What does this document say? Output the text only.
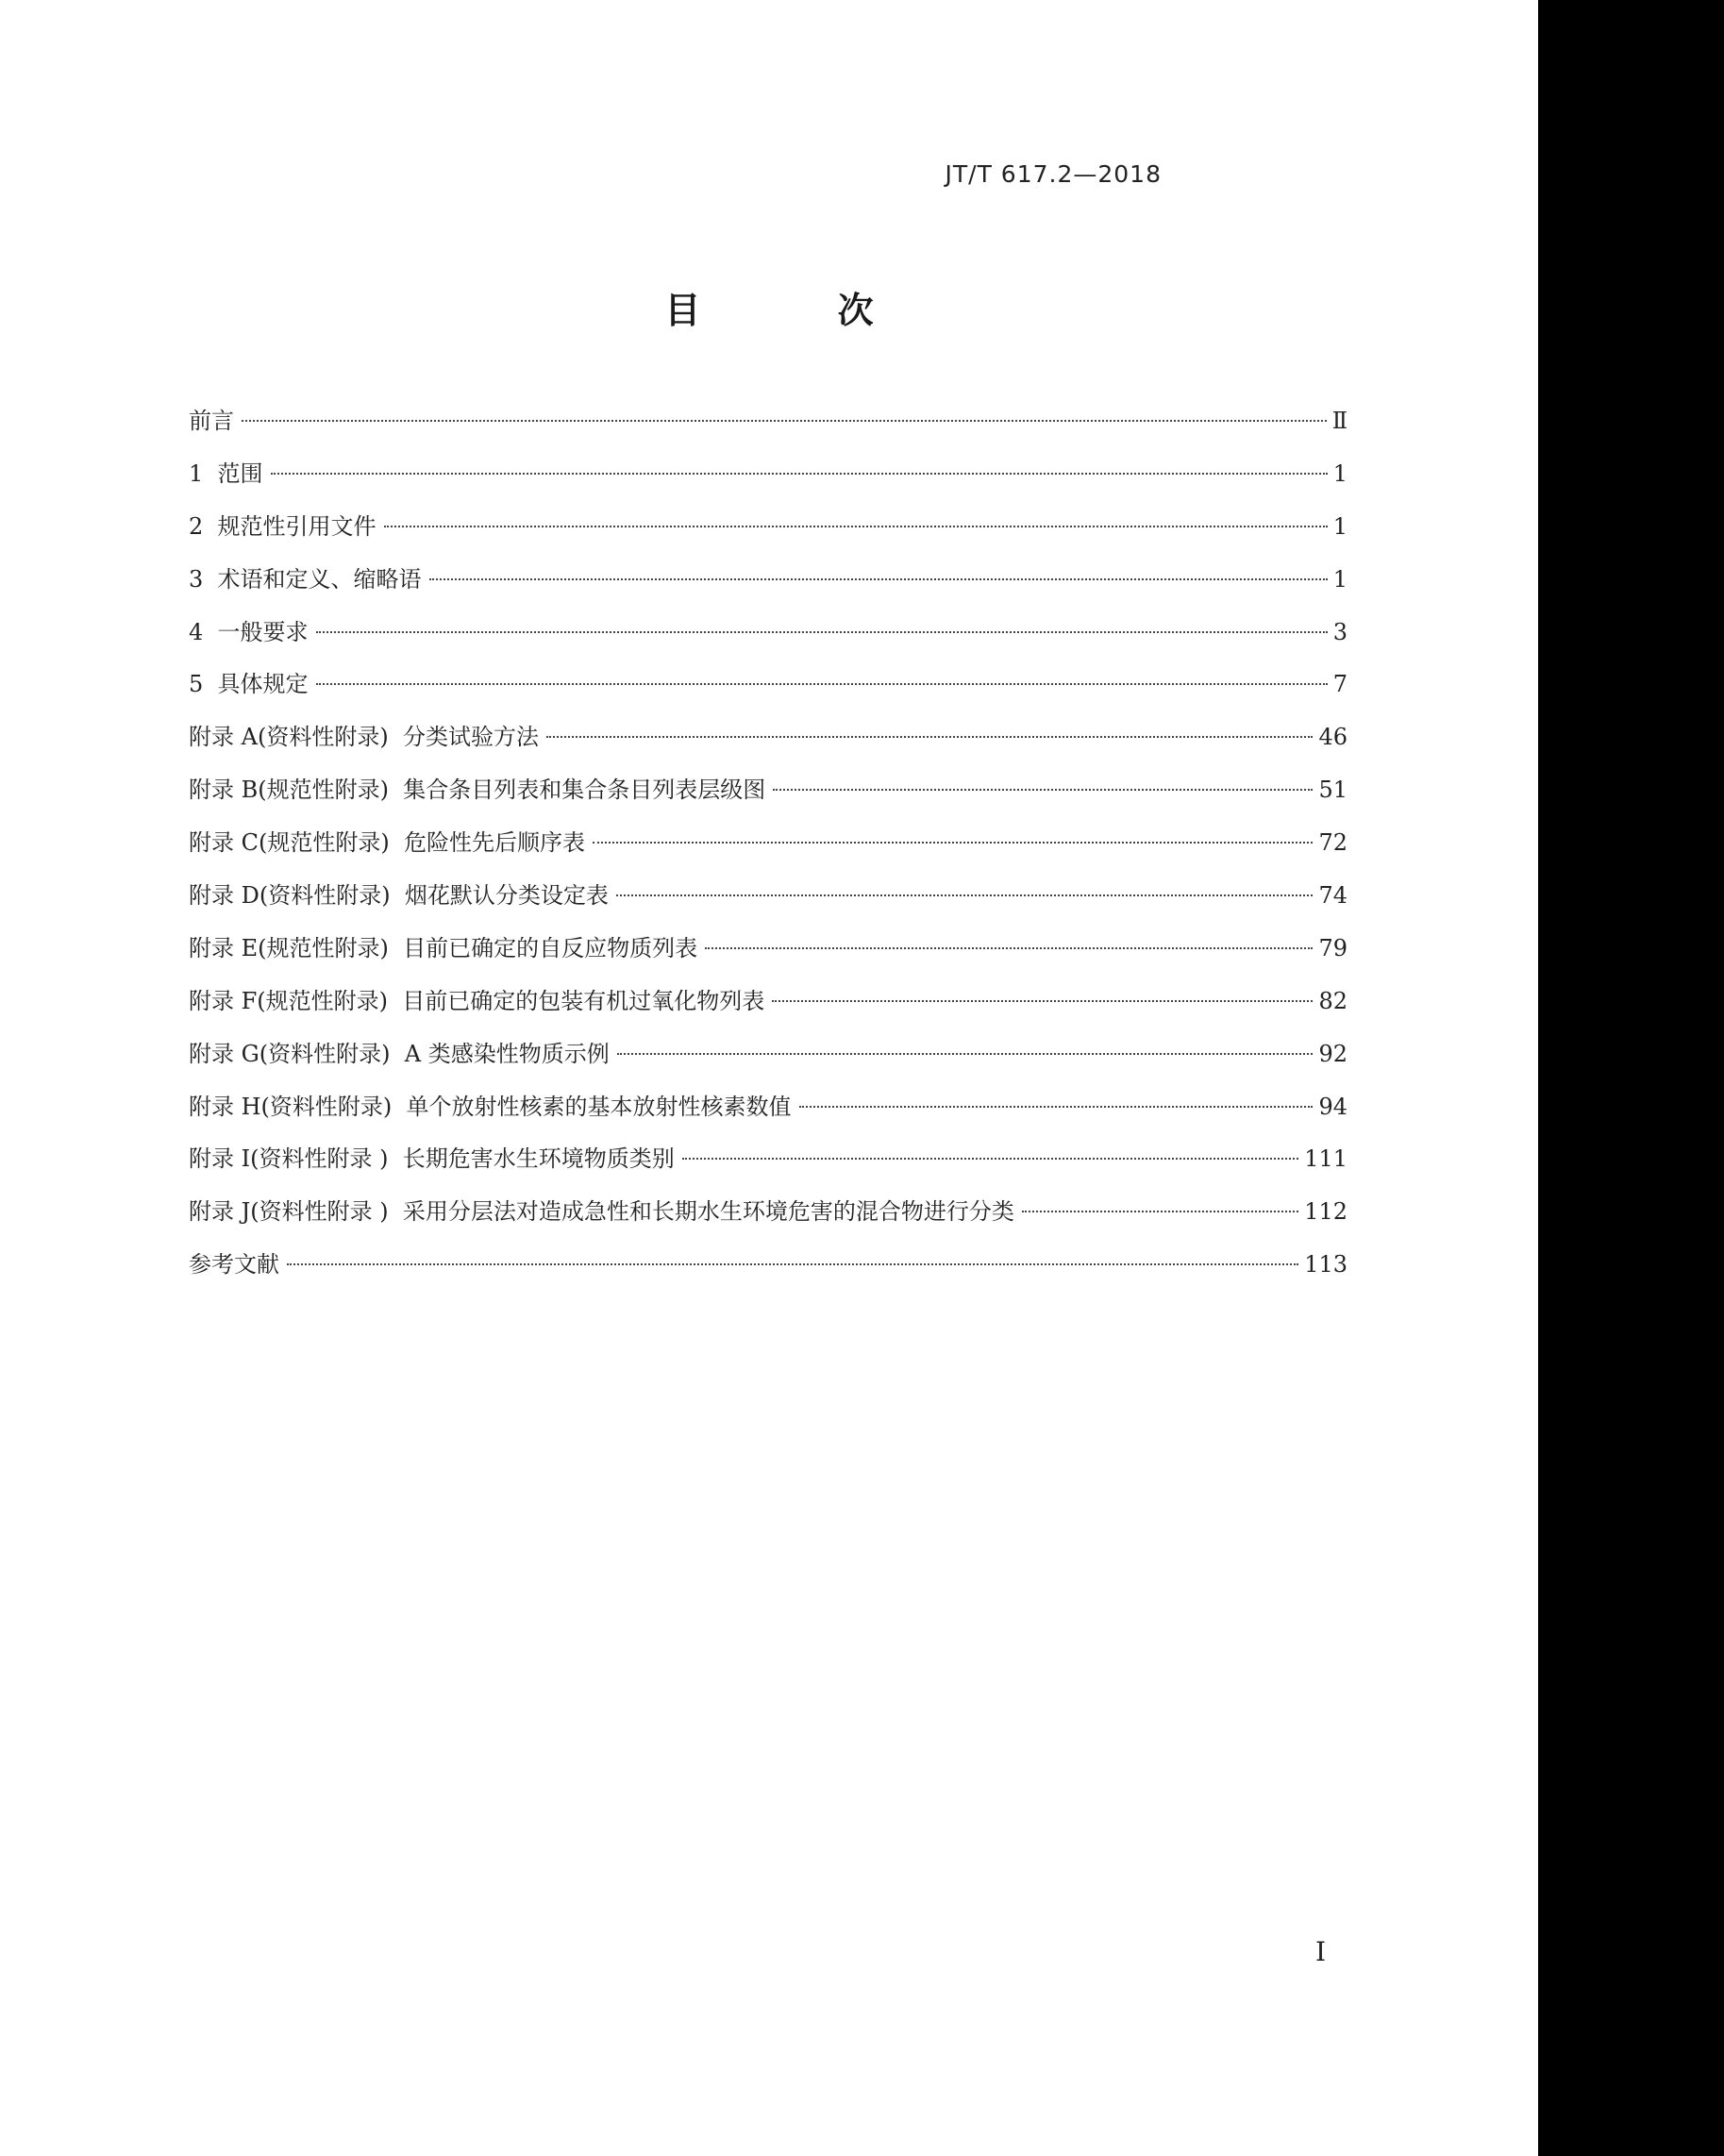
JT/T 617.2—2018
目 次
前言	Ⅱ
1  范围	1
2  规范性引用文件	1
3  术语和定义、缩略语	1
4  一般要求	3
5  具体规定	7
附录 A(资料性附录)  分类试验方法	46
附录 B(规范性附录)  集合条目列表和集合条目列表层级图	51
附录 C(规范性附录)  危险性先后顺序表	72
附录 D(资料性附录)  烟花默认分类设定表	74
附录 E(规范性附录)  目前已确定的自反应物质列表	79
附录 F(规范性附录)  目前已确定的包装有机过氧化物列表	82
附录 G(资料性附录)  A 类感染性物质示例	92
附录 H(资料性附录)  单个放射性核素的基本放射性核素数值	94
附录 I(资料性附录 )  长期危害水生环境物质类别	111
附录 J(资料性附录 )  采用分层法对造成急性和长期水生环境危害的混合物进行分类	112
参考文献	113
I
